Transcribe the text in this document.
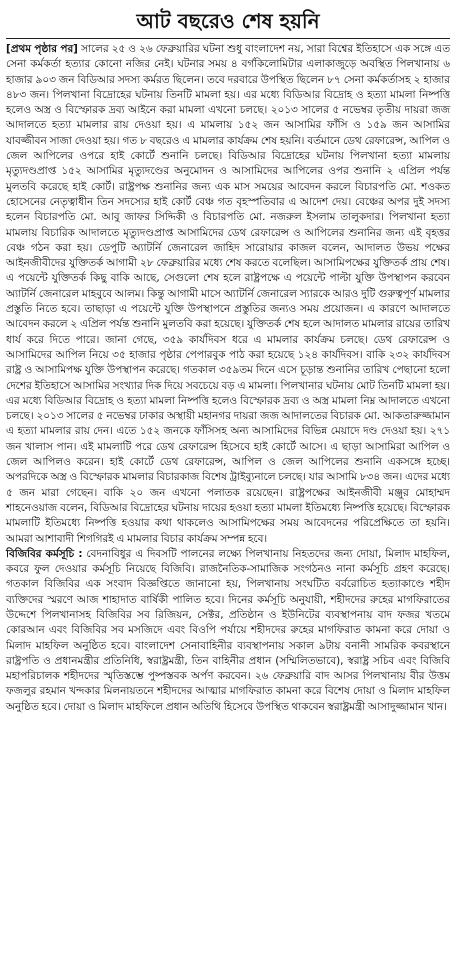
আট বছরেও শেষ হয়নি

[প্রথম পৃষ্ঠার পর] সালের ২৫ ও ২৬ ফেব্রুয়ারির ঘটনা শুধু বাংলাদেশ নয়, সারা বিশ্বের ইতিহাসে এক সঙ্গে এত সেনা কর্মকর্তা হত্যার কোনো নজির নেই। ঘটনার সময় ৪ বর্গকিলোমিটার এলাকাজুড়ে অবস্থিত পিলখানায় ৬ হাজার ৯০৩ জন বিডিআর সদস্য কর্মরত ছিলেন। তবে দরবারে উপস্থিত ছিলেন ৮৭ সেনা কর্মকর্তাসহ ২ হাজার ৪৮৩ জন। পিলখানা বিদ্রোহের ঘটনায় তিনটি মামলা হয়। এর মধ্যে বিডিআর বিদ্রোহ ও হত্যা মামলা নিষ্পত্তি হলেও অস্ত্র ও বিস্ফোরক দ্রব্য আইনে করা মামলা এখনো চলছে। ২০১৩ সালের ৫ নভেম্বর তৃতীয় দায়রা জজ আদালতে হত্যা মামলার রায় দেওয়া হয়। এ মামলায় ১৫২ জন আসামির ফাঁসি ও ১৫৯ জন আসামির যাবজ্জীবন সাজা দেওয়া হয়। গত ৮ বছরেও এ মামলার কার্যক্রম শেষ হয়নি। বর্তমানে ডেথ রেফারেন্স, আপিল ও জেল আপিলের ওপরে হাই কোর্টে শুনানি চলছে। বিডিআর বিদ্রোহের ঘটনায় পিলখানা হত্যা মামলায় মৃত্যুদণ্ডপ্রাপ্ত ১৫২ আসামির মৃত্যুদণ্ডের অনুমোদন ও আসামিদের আপিলের ওপর শুনানি ২ এপ্রিল পর্যন্ত মুলতবি করেছে হাই কোর্ট। রাষ্ট্রপক্ষ শুনানির জন্য এক মাস সময়ের আবেদন করলে বিচারপতি মো. শওকত হোসেনের নেতৃত্বাধীন তিন সদস্যের হাই কোর্ট বেঞ্চ গত বৃহস্পতিবার এ আদেশ দেয়। বেঞ্চের অপর দুই সদস্য হলেন বিচারপতি মো. আবু জাফর সিদ্দিকী ও বিচারপতি মো. নজরুল ইসলাম তালুকদার। পিলখানা হত্যা মামলায় বিচারিক আদালতে মৃত্যুদণ্ডপ্রাপ্ত আসামিদের ডেথ রেফারেন্স ও আপিলের শুনানির জন্য এই বৃহত্তর বেঞ্চ গঠন করা হয়। ডেপুটি অ্যাটর্নি জেনারেল জাহিদ সারোয়ার কাজল বলেন, আদালত উভয় পক্ষের আইনজীবীদের যুক্তিতর্ক আগামী ২৮ ফেব্রুয়ারির মধ্যে শেষ করতে বলেছিল। আসামিপক্ষের যুক্তিতর্ক প্রায় শেষ। এ পয়েন্টে যুক্তিতর্ক কিছু বাকি আছে, সেগুলো শেষ হলে রাষ্ট্রপক্ষে এ পয়েন্টে পাল্টা যুক্তি উপস্থাপন করবেন অ্যাটর্নি জেনারেল মাহবুবে আলম। কিন্তু আগামী মাসে অ্যাটর্নি জেনারেল স্যারকে আরও দুটি গুরুত্বপূর্ণ মামলার প্রস্তুতি নিতে হবে। তাছাড়া এ পয়েন্টে যুক্তি উপস্থাপনে প্রস্তুতির জন্যও সময় প্রয়োজন। এ কারণে আদালতে আবেদন করলে ২ এপ্রিল পর্যন্ত শুনানি মুলতবি করা হয়েছে। যুক্তিতর্ক শেষ হলে আদালত মামলার রায়ের তারিখ ধার্য করে দিতে পারে। জানা গেছে, ৩৫৯ কার্যদিবস ধরে এ মামলার কার্যক্রম চলছে। ডেথ রেফারেন্স ও আসামিদের আপিল নিয়ে ৩৫ হাজার পৃষ্ঠার পেপারবুক পাঠ করা হয়েছে ১২৪ কার্যদিবস। বাকি ২৩২ কার্যদিবস রাষ্ট্র ও আসামিপক্ষ যুক্তি উপস্থাপন করেছে। গতকাল ৩৫৯তম দিনে এসে চূড়ান্ত শুনানির তারিখ পেছানো হলো দেশের ইতিহাসে আসামির সংখ্যার দিক দিয়ে সবচেয়ে বড় এ মামলা। পিলখানার ঘটনায় মোট তিনটি মামলা হয়। এর মধ্যে বিডিআর বিদ্রোহ ও হত্যা মামলা নিষ্পত্তি হলেও বিস্ফোরক দ্রব্য ও অস্ত্র মামলা নিম্ন আদালতে এখনো চলছে। ২০১৩ সালের ৫ নভেম্বর ঢাকার অস্থায়ী মহানগর দায়রা জজ আদালতের বিচারক মো. আকতারুজ্জামান এ হত্যা মামলার রায় দেন। এতে ১৫২ জনকে ফাঁসিসহ অন্য আসামিদের বিভিন্ন মেয়াদে দণ্ড দেওয়া হয়। ২৭১ জন খালাস পান। এই মামলাটি পরে ডেথ রেফারেন্স হিসেবে হাই কোর্টে আসে। এ ছাড়া আসামিরা আপিল ও জেল আপিলও করেন। হাই কোর্টে ডেথ রেফারেন্স, আপিল ও জেল আপিলের শুনানি একসঙ্গে হচ্ছে। অপরদিকে অস্ত্র ও বিস্ফোরক মামলার বিচারকাজ বিশেষ ট্রাইব্যুনালে চলছে। যার আসামি ৮৩৪ জন। এদের মধ্যে ৫ জন মারা গেছেন। বাকি ২০ জন এখনো পলাতক রয়েছেন। রাষ্ট্রপক্ষের আইনজীবী মঞ্জুর মোহাম্মদ শাহনেওয়াজ বলেন, বিডিআর বিদ্রোহের ঘটনায় দায়ের হওয়া হত্যা মামলা ইতিমধ্যে নিষ্পত্তি হয়েছে। বিস্ফোরক মামলাটি ইতিমধ্যে নিষ্পত্তি হওয়ার কথা থাকলেও আসামিপক্ষের সময় আবেদনের পরিপ্রেক্ষিতে তা হয়নি। আমরা আশাবাদী শিগগিরই এ মামলার বিচার কার্যক্রম সম্পন্ন হবে।

বিজিবির কর্মসূচি : বেদনাবিধুর এ দিবসটি পালনের লক্ষ্যে পিলখানায় নিহতদের জন্য দোয়া, মিলাদ মাহফিল, কবরে ফুল দেওয়ার কর্মসূচি নিয়েছে বিজিবি। রাজনৈতিক-সামাজিক সংগঠনও নানা কর্মসূচি গ্রহণ করেছে। গতকাল বিজিবির এক সংবাদ বিজ্ঞপ্তিতে জানানো হয়, পিলখানায় সংঘটিত বর্বরোচিত হত্যাকাণ্ডে শহীদ ব্যক্তিদের স্মরণে আজ শাহাদাত বার্ষিকী পালিত হবে। দিনের কর্মসূচি অনুযায়ী, শহীদদের রুহের মাগফিরাতের উদ্দেশে পিলখানাসহ বিজিবির সব রিজিয়ন, সেক্টর, প্রতিষ্ঠান ও ইউনিটের ব্যবস্থাপনায় বাদ ফজর খতমে কোরআন এবং বিজিবির সব মসজিদে এবং বিওপি পর্যায়ে শহীদদের রুহের মাগফিরাত কামনা করে দোয়া ও মিলাদ মাহফিল অনুষ্ঠিত হবে। বাংলাদেশ সেনাবাহিনীর ব্যবস্থাপনায় সকাল ৯টায় বনানী সামরিক কবরস্থানে রাষ্ট্রপতি ও প্রধানমন্ত্রীর প্রতিনিধি, স্বরাষ্ট্রমন্ত্রী, তিন বাহিনীর প্রধান (সম্মিলিতভাবে), স্বরাষ্ট্র সচিব এবং বিজিবি মহাপরিচালক শহীদদের স্মৃতিস্তম্ভে পুষ্পস্তবক অর্পণ করবেন। ২৬ ফেব্রুয়ারি বাদ আসর পিলখানায় বীর উত্তম ফজলুর রহমান খন্দকার মিলনায়তনে শহীদদের আত্মার মাগফিরাত কামনা করে বিশেষ দোয়া ও মিলাদ মাহফিল অনুষ্ঠিত হবে। দোয়া ও মিলাদ মাহফিলে প্রধান অতিথি হিসেবে উপস্থিত থাকবেন স্বরাষ্ট্রমন্ত্রী আসাদুজ্জামান খান।
